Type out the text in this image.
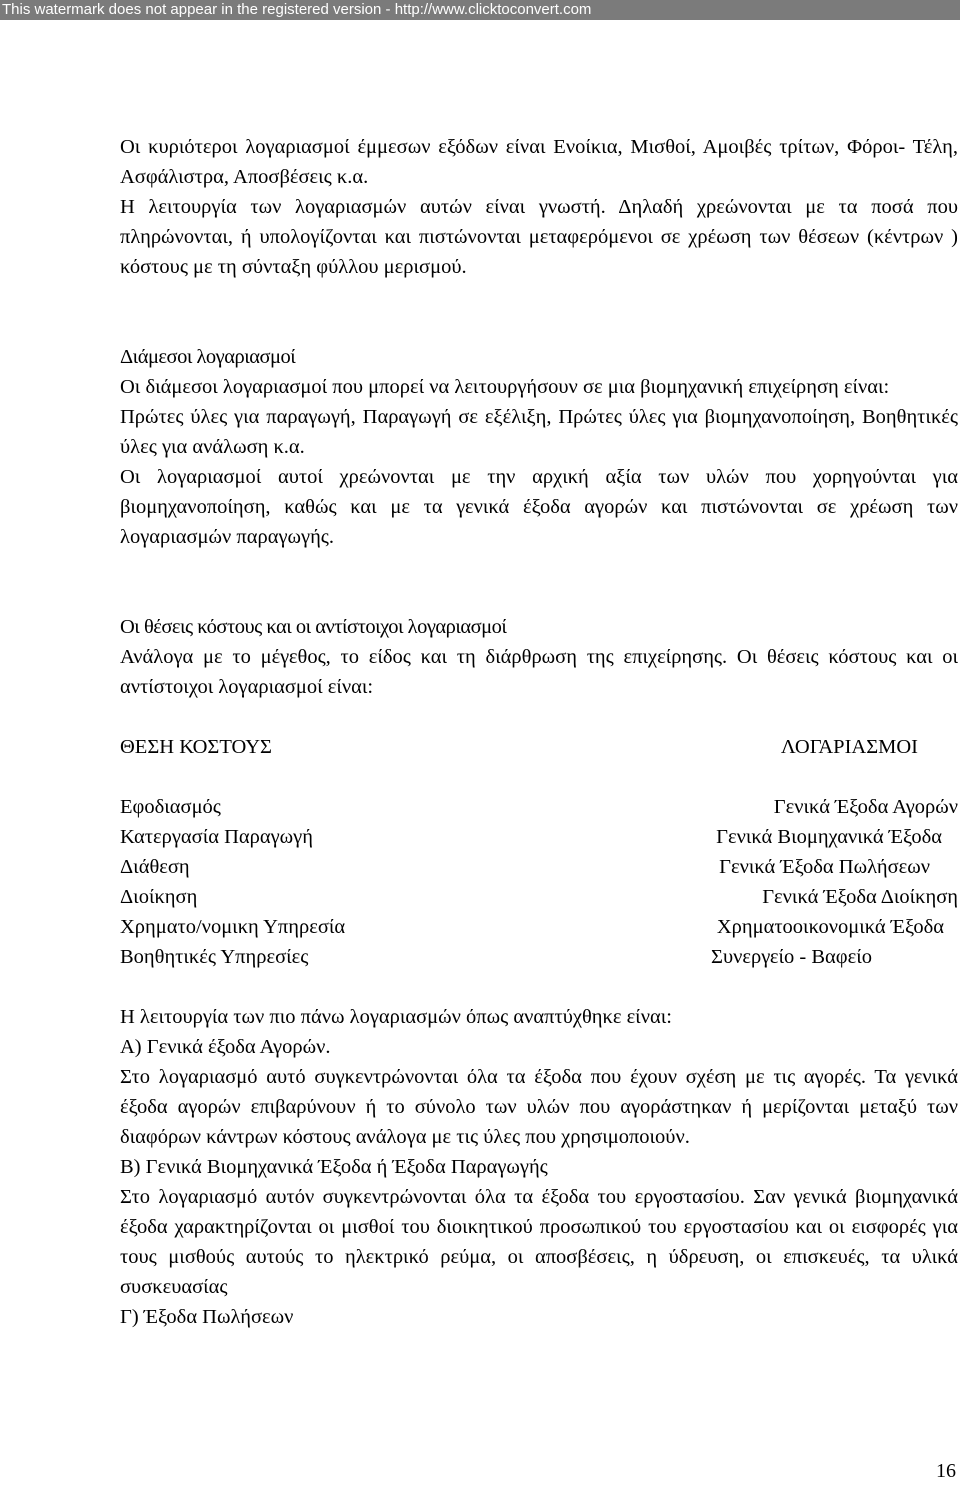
This watermark does not appear in the registered version - http://www.clicktoconvert.com

Οι κυριότεροι λογαριασμοί έμμεσων εξόδων είναι Ενοίκια, Μισθοί, Αμοιβές τρίτων, Φόροι- Τέλη, Ασφάλιστρα, Αποσβέσεις κ.α.

Η λειτουργία των λογαριασμών αυτών είναι γνωστή. Δηλαδή χρεώνονται με τα ποσά που πληρώνονται, ή υπολογίζονται και πιστώνονται μεταφερόμενοι σε χρέωση των θέσεων (κέντρων ) κόστους με τη σύνταξη φύλλου μερισμού.

Διάμεσοι λογαριασμοί

Οι διάμεσοι λογαριασμοί που μπορεί να λειτουργήσουν σε μια βιομηχανική επιχείρηση είναι:

Πρώτες ύλες για παραγωγή, Παραγωγή σε εξέλιξη, Πρώτες ύλες για βιομηχανοποίηση, Βοηθητικές ύλες για ανάλωση κ.α.

Οι λογαριασμοί αυτοί χρεώνονται με την αρχική αξία των υλών που χορηγούνται για βιομηχανοποίηση, καθώς και με τα γενικά έξοδα αγορών και πιστώνονται σε χρέωση των λογαριασμών παραγωγής.

Οι θέσεις κόστους και οι αντίστοιχοι λογαριασμοί

Ανάλογα με το μέγεθος, το είδος και τη διάρθρωση της επιχείρησης. Οι θέσεις κόστους και οι αντίστοιχοι λογαριασμοί είναι:

ΘΕΣΗ ΚΟΣΤΟΥΣ	ΛΟΓΑΡΙΑΣΜΟΙ
Εφοδιασμός	Γενικά Έξοδα Αγορών
Κατεργασία Παραγωγή	Γενικά Βιομηχανικά Έξοδα
Διάθεση	Γενικά Έξοδα Πωλήσεων
Διοίκηση	Γενικά Έξοδα Διοίκηση
Χρηματο/νομικη Υπηρεσία	Χρηματοοικονομικά Έξοδα
Βοηθητικές Υπηρεσίες	Συνεργείο - Βαφείο

Η λειτουργία των πιο πάνω λογαριασμών όπως αναπτύχθηκε είναι:

Α) Γενικά έξοδα Αγορών.

Στο λογαριασμό αυτό συγκεντρώνονται όλα τα έξοδα που έχουν σχέση με τις αγορές. Τα γενικά έξοδα αγορών επιβαρύνουν ή το σύνολο των υλών που αγοράστηκαν ή μερίζονται μεταξύ των διαφόρων κάντρων κόστους ανάλογα με τις ύλες που χρησιμοποιούν.

Β) Γενικά Βιομηχανικά Έξοδα ή Έξοδα Παραγωγής

Στο λογαριασμό αυτόν συγκεντρώνονται όλα τα έξοδα του εργοστασίου. Σαν γενικά βιομηχανικά έξοδα χαρακτηρίζονται οι μισθοί του διοικητικού προσωπικού του εργοστασίου και οι εισφορές για τους μισθούς αυτούς το ηλεκτρικό ρεύμα, οι αποσβέσεις, η ύδρευση, οι επισκευές, τα υλικά συσκευασίας

Γ) Έξοδα Πωλήσεων

16
